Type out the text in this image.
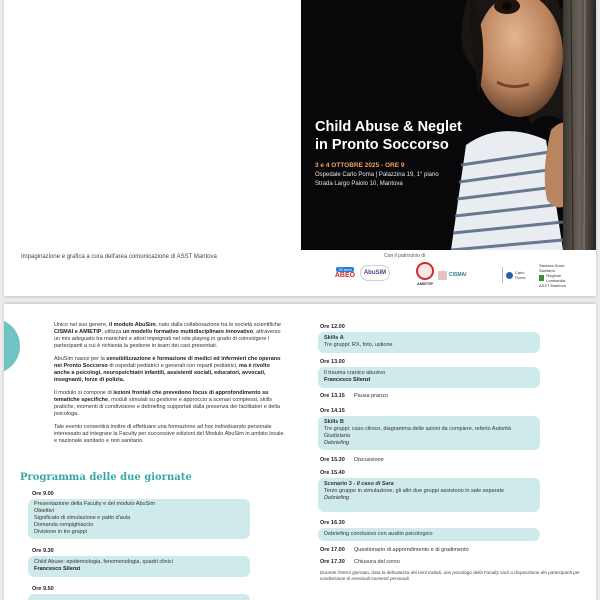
Impaginazione e grafica a cura dell'area comunicazione di ASST Mantova
Child Abuse & Neglet
in Pronto Soccorso
3 e 4 OTTOBRE 2025 - ORE 9
Ospedale Carlo Poma | Palazzina 19, 1° piano
Strada Largo Paiolo 10, Mantova
Con il patrocinio di
20 anni
ABEO	AbuSIM
AMIETIP
CISMAI	Carlo Poma
Sistema Socio Sanitario
Regione Lombardia
ASST Mantova

Unico nel suo genere, il modulo AbuSim, nato dalla collaborazione tra le società scientifiche CISMAI e AMIETIP, utilizza un modello formativo multidisciplinare innovativo, attraverso un mix adeguato tra manichini e attori impegnati nel role playing in grado di coinvolgere i partecipanti a cui è richiesta la gestione in team dei casi presentati.

AbuSim nasce per la sensibilizzazione e formazione di medici ed infermieri che operano nei Pronto Soccorso di ospedali pediatrici e generali con reparti pediatrici, ma è rivolto anche a psicologi, neuropsichiatri infantili, assistenti sociali, educatori, avvocati, insegnanti, forze di polizia.

Il modulo si compone di lezioni frontali che prevedono focus di approfondimento su tematiche specifiche, moduli simulati su gestione e approccio a scenari complessi, skills pratiche, momenti di condivisione e debriefing supportati dalla presenza dei facilitatori e della psicologa.

Tale evento consentirà inoltre di effettuare una formazione ad hoc individuando personale interessato ad integrare la Faculty per successive edizioni del Modulo AbuSim in ambito locale e nazionale sanitario e non sanitario.

Programma delle due giornate
Ore 9.00
Presentazione della Faculty e del modulo AbuSim
Obiettivi
Significato di simulazione e patto d'aula
Domanda rompighiaccio
Divisione in tre gruppi
Ore 9.30
Child Abuse: epidemiologia, fenomenologia, quadri clinici
Francesco Silenzi
Ore 9.50
Ore 12.00
Skills A
Tre gruppi: RX, foto, ustione
Ore 13.00
Il trauma cranico abusivo
Francesco Silenzi
Ore 13.15 Pausa pranzo
Ore 14.15
Skills B
Tre gruppi: caso clinico, diagramma delle azioni da compiere, referto Autorità Giudiziaria
Debriefing
Ore 15.30 Discussione
Ore 15.40
Scenario 3 - Il caso di Sara
Terzo gruppo in simulazione, gli altri due gruppi assistono in sale separate
Debriefing
Ore 16.30
Debriefing conclusivo con ausilio psicologico
Ore 17.00 Questionario di apprendimento e di gradimento
Ore 17.30 Chiusura del corso
Durante l'intera giornata, data la delicatezza dei temi trattati, uno psicologo della Faculty sarà a disposizione dei partecipanti per condivisione di eventuali momenti personali.
